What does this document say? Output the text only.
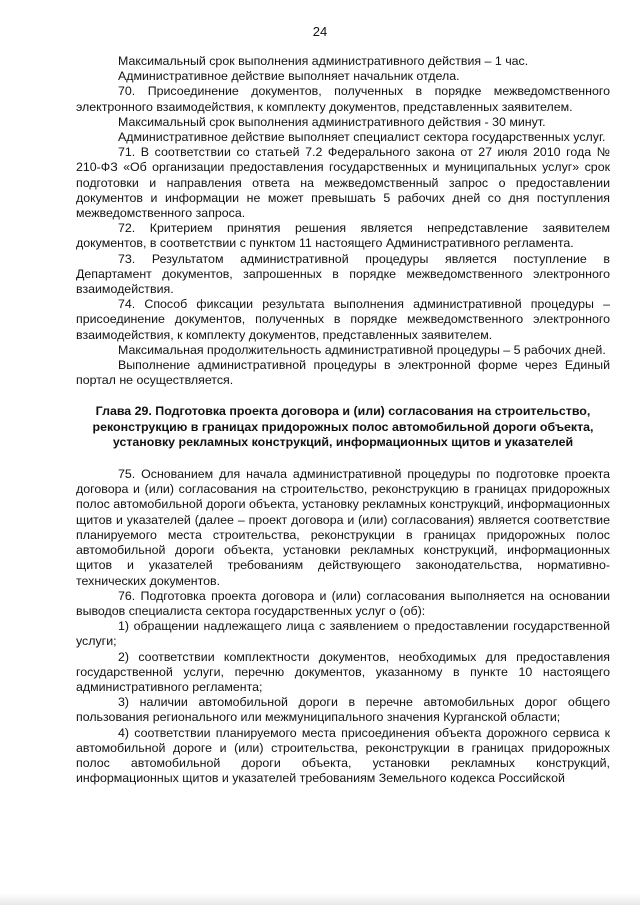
24

Максимальный срок выполнения административного действия – 1 час.

Административное действие выполняет начальник отдела.

70. Присоединение документов, полученных в порядке межведомственного электронного взаимодействия, к комплекту документов, представленных заявителем.

Максимальный срок выполнения административного действия - 30 минут.

Административное действие выполняет специалист сектора государственных услуг.

71. В соответствии со статьей 7.2 Федерального закона от 27 июля 2010 года № 210-ФЗ «Об организации предоставления государственных и муниципальных услуг» срок подготовки и направления ответа на межведомственный запрос о предоставлении документов и информации не может превышать 5 рабочих дней со дня поступления межведомственного запроса.

72. Критерием принятия решения является непредставление заявителем документов, в соответствии с пунктом 11 настоящего Административного регламента.

73. Результатом административной процедуры является поступление в Департамент документов, запрошенных в порядке межведомственного электронного взаимодействия.

74. Способ фиксации результата выполнения административной процедуры – присоединение документов, полученных в порядке межведомственного электронного взаимодействия, к комплекту документов, представленных заявителем.

Максимальная продолжительность административной процедуры – 5 рабочих дней.

Выполнение административной процедуры в электронной форме через Единый портал не осуществляется.

Глава 29. Подготовка проекта договора и (или) согласования на строительство, реконструкцию в границах придорожных полос автомобильной дороги объекта, установку рекламных конструкций, информационных щитов и указателей

75. Основанием для начала административной процедуры по подготовке проекта договора и (или) согласования на строительство, реконструкцию в границах придорожных полос автомобильной дороги объекта, установку рекламных конструкций, информационных щитов и указателей (далее – проект договора и (или) согласования) является соответствие планируемого места строительства, реконструкции в границах придорожных полос автомобильной дороги объекта, установки рекламных конструкций, информационных щитов и указателей требованиям действующего законодательства, нормативно-технических документов.

76. Подготовка проекта договора и (или) согласования выполняется на основании выводов специалиста сектора государственных услуг о (об):

1) обращении надлежащего лица с заявлением о предоставлении государственной услуги;

2) соответствии комплектности документов, необходимых для предоставления государственной услуги, перечню документов, указанному в пункте 10 настоящего административного регламента;

3) наличии автомобильной дороги в перечне автомобильных дорог общего пользования регионального или межмуниципального значения Курганской области;

4) соответствии планируемого места присоединения объекта дорожного сервиса к автомобильной дороге и (или) строительства, реконструкции в границах придорожных полос автомобильной дороги объекта, установки рекламных конструкций, информационных щитов и указателей требованиям Земельного кодекса Российской
